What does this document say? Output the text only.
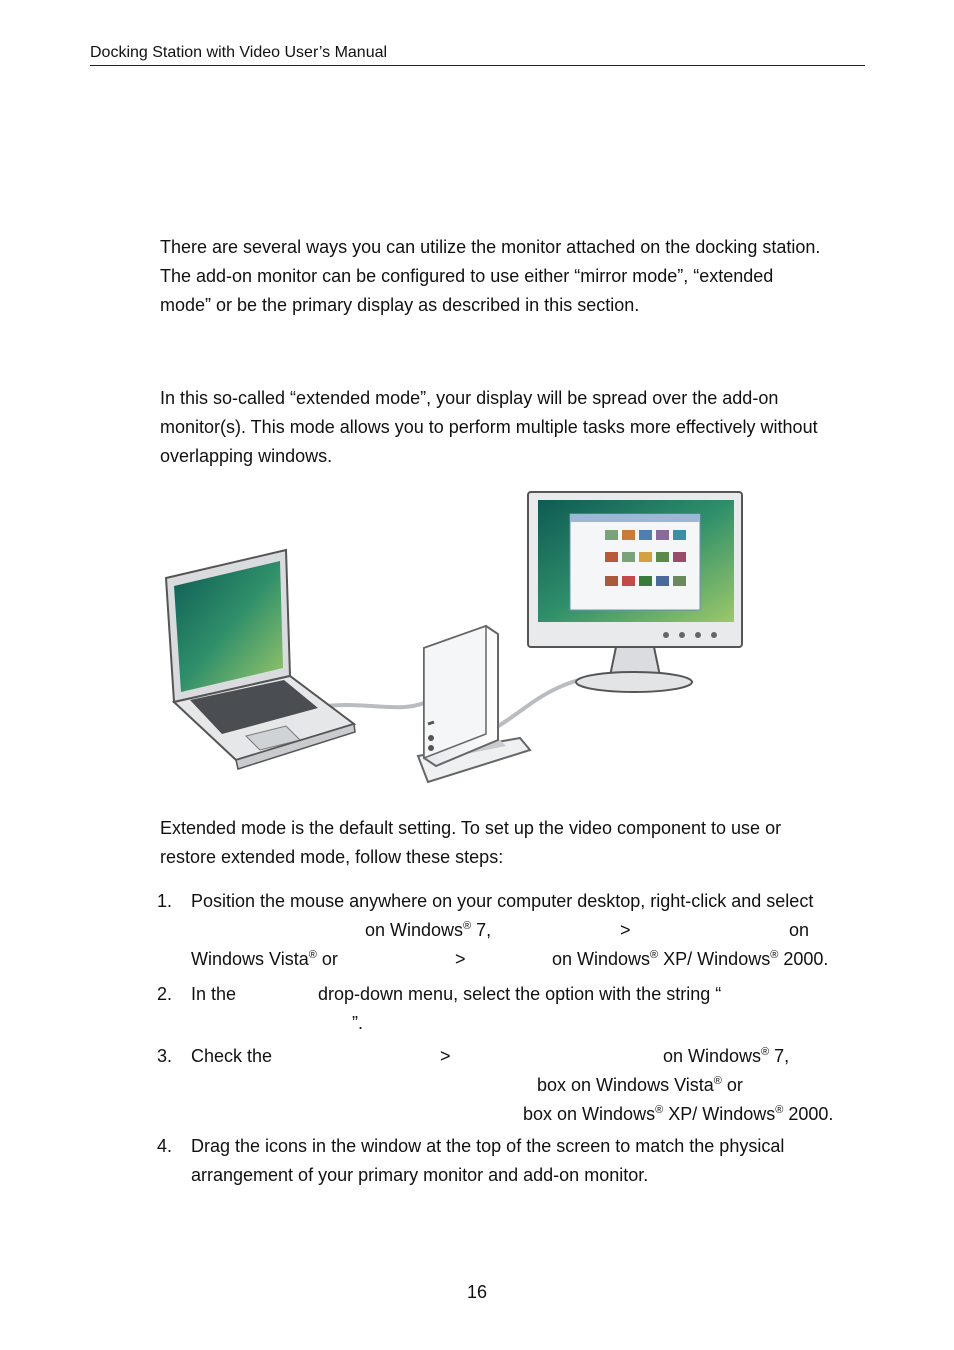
Docking Station with Video User’s Manual
There are several ways you can utilize the monitor attached on the docking station.
The add-on monitor can be configured to use either “mirror mode”, “extended
mode” or be the primary display as described in this section.
In this so-called “extended mode”, your display will be spread over the add-on
monitor(s). This mode allows you to perform multiple tasks more effectively without
overlapping windows.
Extended mode is the default setting. To set up the video component to use or
restore extended mode, follow these steps:
1.	Position the mouse anywhere on your computer desktop, right-click and select
on Windows® 7,	>	on
Windows Vista® or	>	on Windows® XP/ Windows® 2000.
2.	In the	drop-down menu, select the option with the string “
”.
3.	Check the	>	on Windows® 7,
box on Windows Vista® or
box on Windows® XP/ Windows® 2000.
4.	Drag the icons in the window at the top of the screen to match the physical
arrangement of your primary monitor and add-on monitor.
16
